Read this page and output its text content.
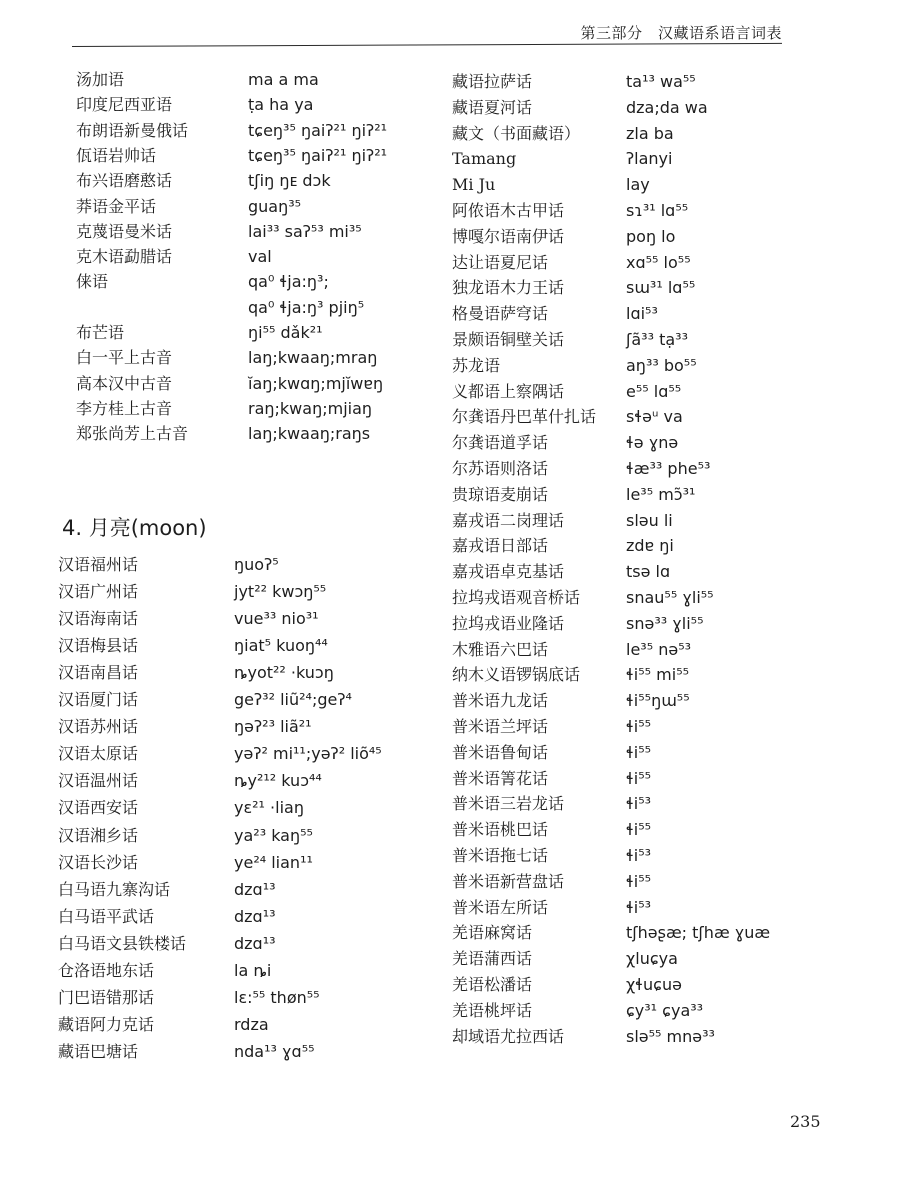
第三部分　汉藏语系语言词表
汤加语	ma a ma
印度尼西亚语	ṭa ha ya
布朗语新曼俄话	tɕeŋ³⁵ ŋaiʔ²¹ ŋiʔ²¹
佤语岩帅话	tɕeŋ³⁵ ŋaiʔ²¹ ŋiʔ²¹
布兴语磨憨话	tʃiŋ ŋᴇ dɔk
莽语金平话	guaŋ³⁵
克蔑语曼米话	lai³³ saʔ⁵³ mi³⁵
克木语勐腊话	val
俫语	qa⁰ ɬja:ŋ³;
qa⁰ ɬja:ŋ³ pjiŋ⁵
布芒语	ŋi⁵⁵ dǎk²¹
白一平上古音	laŋ;kwaaŋ;mraŋ
高本汉中古音	ĭaŋ;kwɑŋ;mjĭwɐŋ
李方桂上古音	raŋ;kwaŋ;mjiaŋ
郑张尚芳上古音	laŋ;kwaaŋ;raŋs
4. 月亮(moon)
汉语福州话	ŋuoʔ⁵
汉语广州话	jyt²² kwɔŋ⁵⁵
汉语海南话	vue³³ nio³¹
汉语梅县话	ŋiat⁵ kuoŋ⁴⁴
汉语南昌话	ȵyot²² ·kuɔŋ
汉语厦门话	geʔ³² liũ²⁴;geʔ⁴
汉语苏州话	ŋəʔ²³ liã²¹
汉语太原话	yəʔ² mi¹¹;yəʔ² liõ⁴⁵
汉语温州话	ȵy²¹² kuɔ⁴⁴
汉语西安话	yɛ²¹ ·liaŋ
汉语湘乡话	ya²³ kaŋ⁵⁵
汉语长沙话	ye²⁴ lian¹¹
白马语九寨沟话	dzɑ¹³
白马语平武话	dzɑ¹³
白马语文县铁楼话	dzɑ¹³
仓洛语地东话	la ȵi
门巴语错那话	lɛ:⁵⁵ thøn⁵⁵
藏语阿力克话	rdza
藏语巴塘话	nda¹³ ɣɑ⁵⁵
藏语拉萨话	ta¹³ wa⁵⁵
藏语夏河话	dza;da wa
藏文（书面藏语）	zla ba
Tamang	ʔlanyi
Mi Ju	lay
阿侬语木古甲话	sɿ³¹ lɑ⁵⁵
博嘎尔语南伊话	poŋ lo
达让语夏尼话	xɑ⁵⁵ lo⁵⁵
独龙语木力王话	sɯ³¹ lɑ⁵⁵
格曼语萨穹话	lɑi⁵³
景颇语铜壁关话	ʃã³³ tạ³³
苏龙语	aŋ³³ bo⁵⁵
义都语上察隅话	e⁵⁵ lɑ⁵⁵
尔龚语丹巴革什扎话 sɬəᵘ va
尔龚语道孚话	ɬə ɣnə
尔苏语则洛话	ɬæ³³ phe⁵³
贵琼语麦崩话	le³⁵ mɔ̃³¹
嘉戎语二岗理话	sləu li
嘉戎语日部话	zdɐ ŋi
嘉戎语卓克基话	tsə lɑ
拉坞戎语观音桥话	snau⁵⁵ ɣli⁵⁵
拉坞戎语业隆话	snə³³ ɣli⁵⁵
木雅语六巴话	le³⁵ nə⁵³
纳木义语锣锅底话	ɬi⁵⁵ mi⁵⁵
普米语九龙话	ɬi⁵⁵ŋɯ⁵⁵
普米语兰坪话	ɬi⁵⁵
普米语鲁甸话	ɬi⁵⁵
普米语箐花话	ɬi⁵⁵
普米语三岩龙话	ɬi⁵³
普米语桃巴话	ɬi⁵⁵
普米语拖七话	ɬi⁵³
普米语新营盘话	ɬi⁵⁵
普米语左所话	ɬi⁵³
羌语麻窝话	tʃhəʂæ; tʃhæ ɣuæ
羌语蒲西话	χluɕya
羌语松潘话	χɬuɕuə
羌语桃坪话	ɕy³¹ ɕya³³
却域语尤拉西话	slə⁵⁵ mnə³³
235
